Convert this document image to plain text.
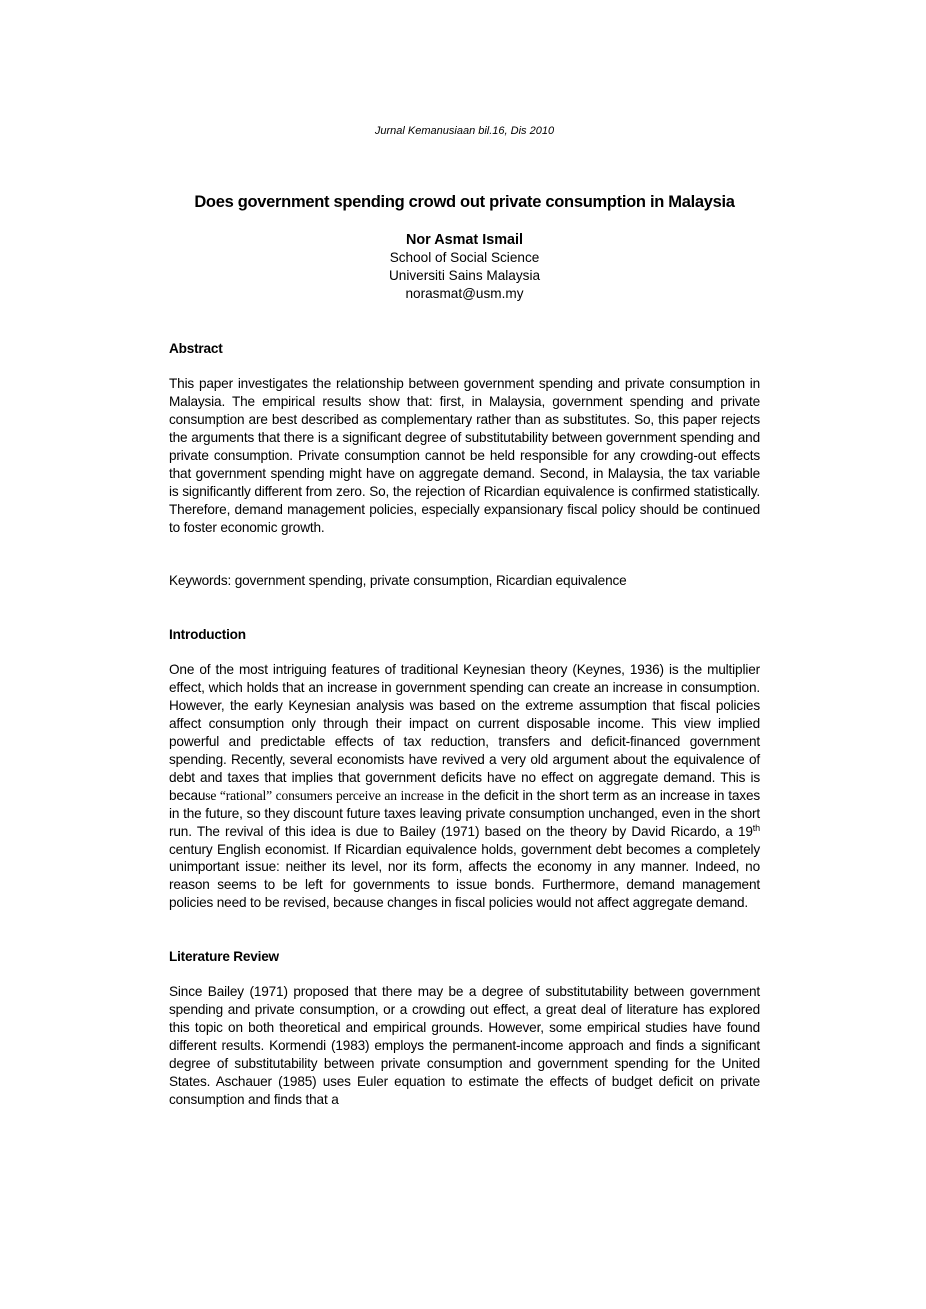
Jurnal Kemanusiaan bil.16, Dis 2010
Does government spending crowd out private consumption in Malaysia
Nor Asmat Ismail
School of Social Science
Universiti Sains Malaysia
norasmat@usm.my
Abstract
This paper investigates the relationship between government spending and private consumption in Malaysia. The empirical results show that: first, in Malaysia, government spending and private consumption are best described as complementary rather than as substitutes. So, this paper rejects the arguments that there is a significant degree of substitutability between government spending and private consumption. Private consumption cannot be held responsible for any crowding-out effects that government spending might have on aggregate demand. Second, in Malaysia, the tax variable is significantly different from zero. So, the rejection of Ricardian equivalence is confirmed statistically. Therefore, demand management policies, especially expansionary fiscal policy should be continued to foster economic growth.
Keywords: government spending, private consumption, Ricardian equivalence
Introduction
One of the most intriguing features of traditional Keynesian theory (Keynes, 1936) is the multiplier effect, which holds that an increase in government spending can create an increase in consumption. However, the early Keynesian analysis was based on the extreme assumption that fiscal policies affect consumption only through their impact on current disposable income. This view implied powerful and predictable effects of tax reduction, transfers and deficit-financed government spending. Recently, several economists have revived a very old argument about the equivalence of debt and taxes that implies that government deficits have no effect on aggregate demand. This is because “rational” consumers perceive an increase in the deficit in the short term as an increase in taxes in the future, so they discount future taxes leaving private consumption unchanged, even in the short run. The revival of this idea is due to Bailey (1971) based on the theory by David Ricardo, a 19th century English economist. If Ricardian equivalence holds, government debt becomes a completely unimportant issue: neither its level, nor its form, affects the economy in any manner. Indeed, no reason seems to be left for governments to issue bonds. Furthermore, demand management policies need to be revised, because changes in fiscal policies would not affect aggregate demand.
Literature Review
Since Bailey (1971) proposed that there may be a degree of substitutability between government spending and private consumption, or a crowding out effect, a great deal of literature has explored this topic on both theoretical and empirical grounds. However, some empirical studies have found different results. Kormendi (1983) employs the permanent-income approach and finds a significant degree of substitutability between private consumption and government spending for the United States. Aschauer (1985) uses Euler equation to estimate the effects of budget deficit on private consumption and finds that a
